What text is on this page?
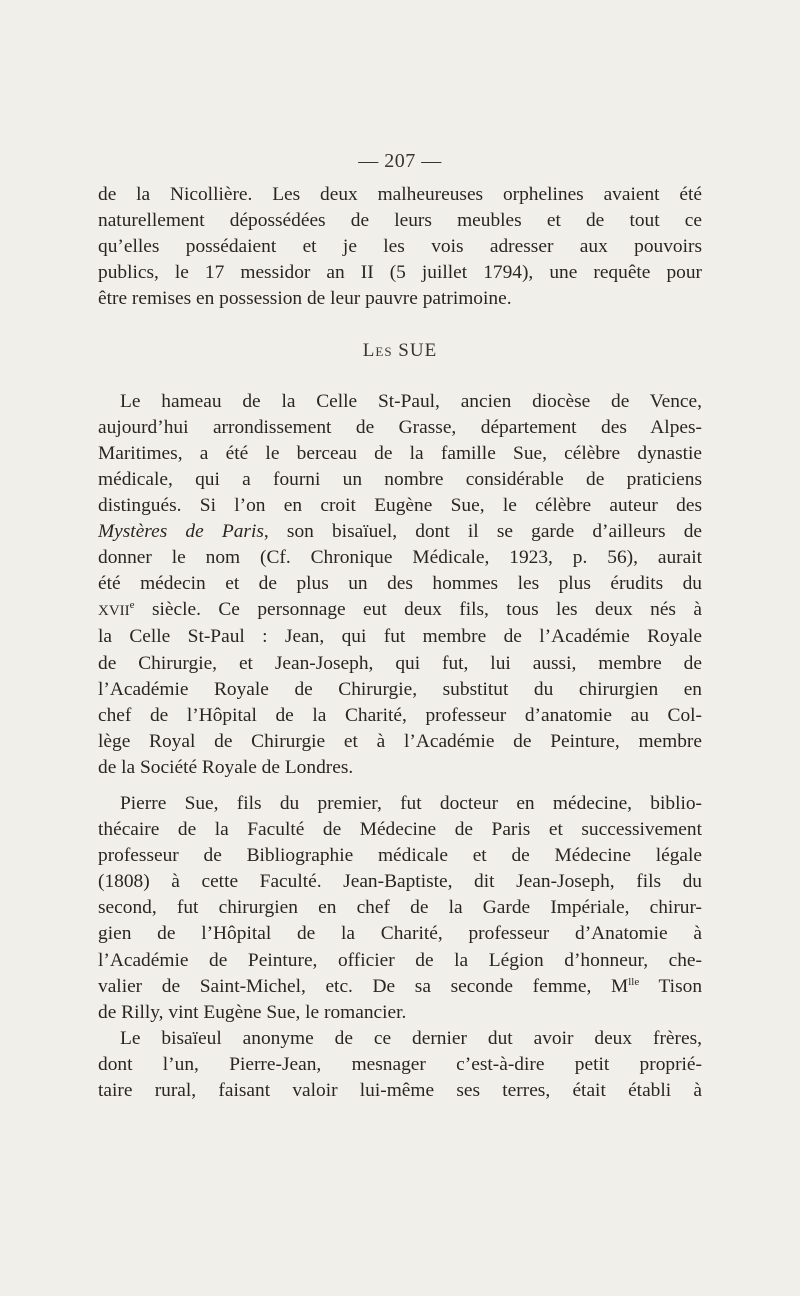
— 207 —
de la Nicollière. Les deux malheureuses orphelines avaient été
naturellement dépossédées de leurs meubles et de tout ce
qu’elles possédaient et je les vois adresser aux pouvoirs
publics, le 17 messidor an II (5 juillet 1794), une requête pour
être remises en possession de leur pauvre patrimoine.
Les SUE
Le hameau de la Celle St-Paul, ancien diocèse de Vence,
aujourd’hui arrondissement de Grasse, département des Alpes-
Maritimes, a été le berceau de la famille Sue, célèbre dynastie
médicale, qui a fourni un nombre considérable de praticiens
distingués. Si l’on en croit Eugène Sue, le célèbre auteur des
Mystères de Paris, son bisaïuel, dont il se garde d’ailleurs de
donner le nom (Cf. Chronique Médicale, 1923, p. 56), aurait
été médecin et de plus un des hommes les plus érudits du
XVIIe siècle. Ce personnage eut deux fils, tous les deux nés à
la Celle St-Paul : Jean, qui fut membre de l’Académie Royale
de Chirurgie, et Jean-Joseph, qui fut, lui aussi, membre de
l’Académie Royale de Chirurgie, substitut du chirurgien en
chef de l’Hôpital de la Charité, professeur d’anatomie au Col-
lège Royal de Chirurgie et à l’Académie de Peinture, membre
de la Société Royale de Londres.
Pierre Sue, fils du premier, fut docteur en médecine, biblio-
thécaire de la Faculté de Médecine de Paris et successivement
professeur de Bibliographie médicale et de Médecine légale
(1808) à cette Faculté. Jean-Baptiste, dit Jean-Joseph, fils du
second, fut chirurgien en chef de la Garde Impériale, chirur-
gien de l’Hôpital de la Charité, professeur d’Anatomie à
l’Académie de Peinture, officier de la Légion d’honneur, che-
valier de Saint-Michel, etc. De sa seconde femme, $M^{lle}$ Tison
de Rilly, vint Eugène Sue, le romancier.
Le bisaïeul anonyme de ce dernier dut avoir deux frères,
dont l’un, Pierre-Jean, mesnager c’est-à-dire petit proprié-
taire rural, faisant valoir lui-même ses terres, était établi à
